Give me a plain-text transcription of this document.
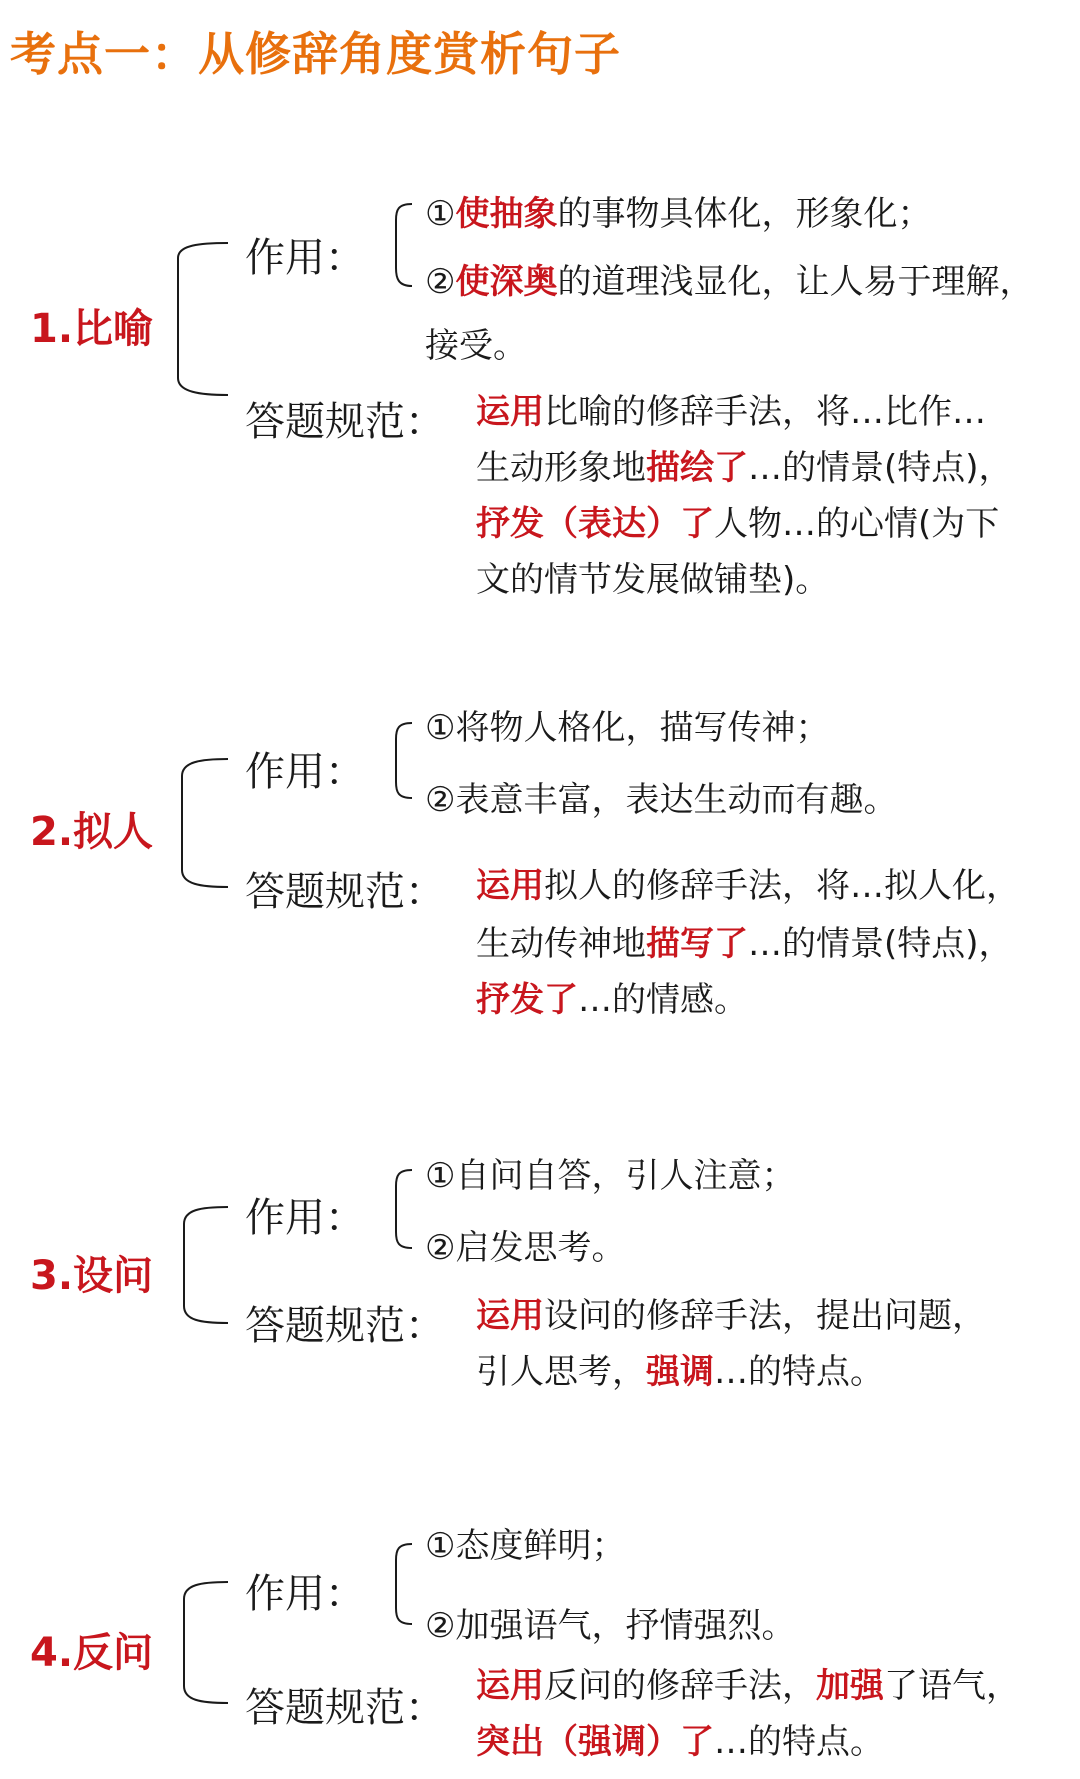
考点一：从修辞角度赏析句子
1.比喻
作用：
答题规范：
①使抽象的事物具体化，形象化；
②使深奥的道理浅显化，让人易于理解，
接受。
运用比喻的修辞手法，将…比作…
生动形象地描绘了…的情景(特点)，
抒发（表达）了人物…的心情(为下
文的情节发展做铺垫)。
2.拟人
作用：
答题规范：
①将物人格化，描写传神；
②表意丰富，表达生动而有趣。
运用拟人的修辞手法，将…拟人化，
生动传神地描写了…的情景(特点)，
抒发了…的情感。
3.设问
作用：
答题规范：
①自问自答，引人注意；
②启发思考。
运用设问的修辞手法，提出问题，
引人思考，强调…的特点。
4.反问
作用：
答题规范：
①态度鲜明；
②加强语气，抒情强烈。
运用反问的修辞手法，加强了语气，
突出（强调）了…的特点。
